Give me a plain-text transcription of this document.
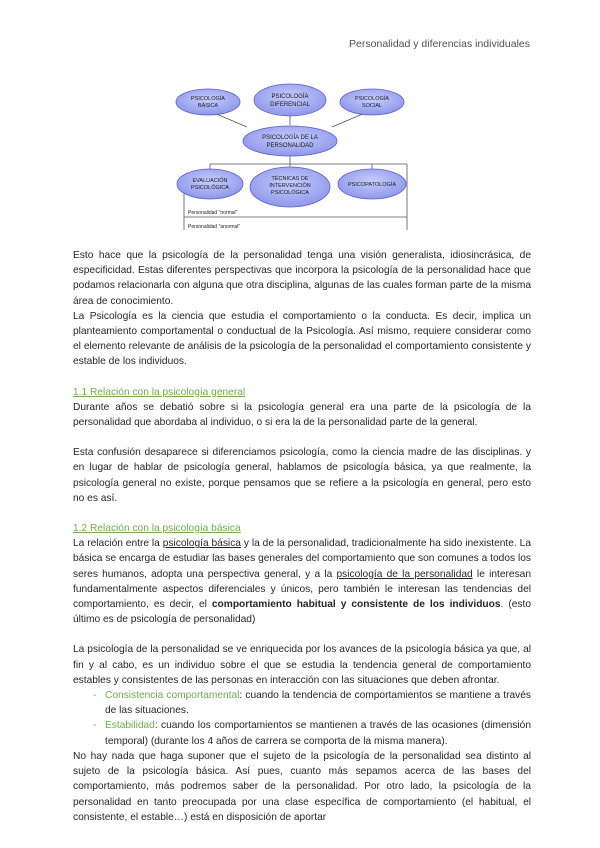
Personalidad y diferencias individuales
PSICOLOGÍA
BÁSICA
PSICOLOGÍA
DIFERENCIAL
PSICOLOGÍA
SOCIAL
PSICOLOGÍA DE LA
PERSONALIDAD
EVALUACIÓN
PSICOLÓGICA
TÉCNICAS DE
INTERVENCIÓN
PSICOLÓGICA
PSICOPATOLOGÍA
Personalidad "normal"
Personalidad "anormal"

Esto hace que la psicología de la personalidad tenga una visión generalista, idiosincrásica, de especificidad. Estas diferentes perspectivas que incorpora la psicología de la personalidad hace que podamos relacionarla con alguna que otra disciplina, algunas de las cuales forman parte de la misma área de conocimiento.

La Psicología es la ciencia que estudia el comportamiento o la conducta. Es decir, implica un planteamiento comportamental o conductual de la Psicología. Así mismo, requiere considerar como el elemento relevante de análisis de la psicología de la personalidad el comportamiento consistente y estable de los individuos.

1.1 Relación con la psicología general

Durante años se debatió sobre si la psicología general era una parte de la psicología de la personalidad que abordaba al individuo, o si era la de la personalidad parte de la general.

Esta confusión desaparece si diferenciamos psicología, como la ciencia madre de las disciplinas. y en lugar de hablar de psicología general, hablamos de psicología básica, ya que realmente, la psicología general no existe, porque pensamos que se refiere a la psicología en general, pero esto no es así.

1.2 Relación con la psicología básica

La relación entre la psicología básica y la de la personalidad, tradicionalmente ha sido inexistente. La básica se encarga de estudiar las bases generales del comportamiento que son comunes a todos los seres humanos, adopta una perspectiva general, y a la psicología de la personalidad le interesan fundamentalmente aspectos diferenciales y únicos, pero también le interesan las tendencias del comportamiento, es decir, el comportamiento habitual y consistente de los individuos. (esto último es de psicología de personalidad)

La psicología de la personalidad se ve enriquecida por los avances de la psicología básica ya que, al fin y al cabo, es un individuo sobre el que se estudia la tendencia general de comportamiento estables y consistentes de las personas en interacción con las situaciones que deben afrontar.

- Consistencia comportamental: cuando la tendencia de comportamientos se mantiene a través de las situaciones.
- Estabilidad: cuando los comportamientos se mantienen a través de las ocasiones (dimensión temporal) (durante los 4 años de carrera se comporta de la misma manera).

No hay nada que haga suponer que el sujeto de la psicología de la personalidad sea distinto al sujeto de la psicología básica. Así pues, cuanto más sepamos acerca de las bases del comportamiento, más podremos saber de la personalidad. Por otro lado, la psicología de la personalidad en tanto preocupada por una clase específica de comportamiento (el habitual, el consistente, el estable…) está en disposición de aportar
